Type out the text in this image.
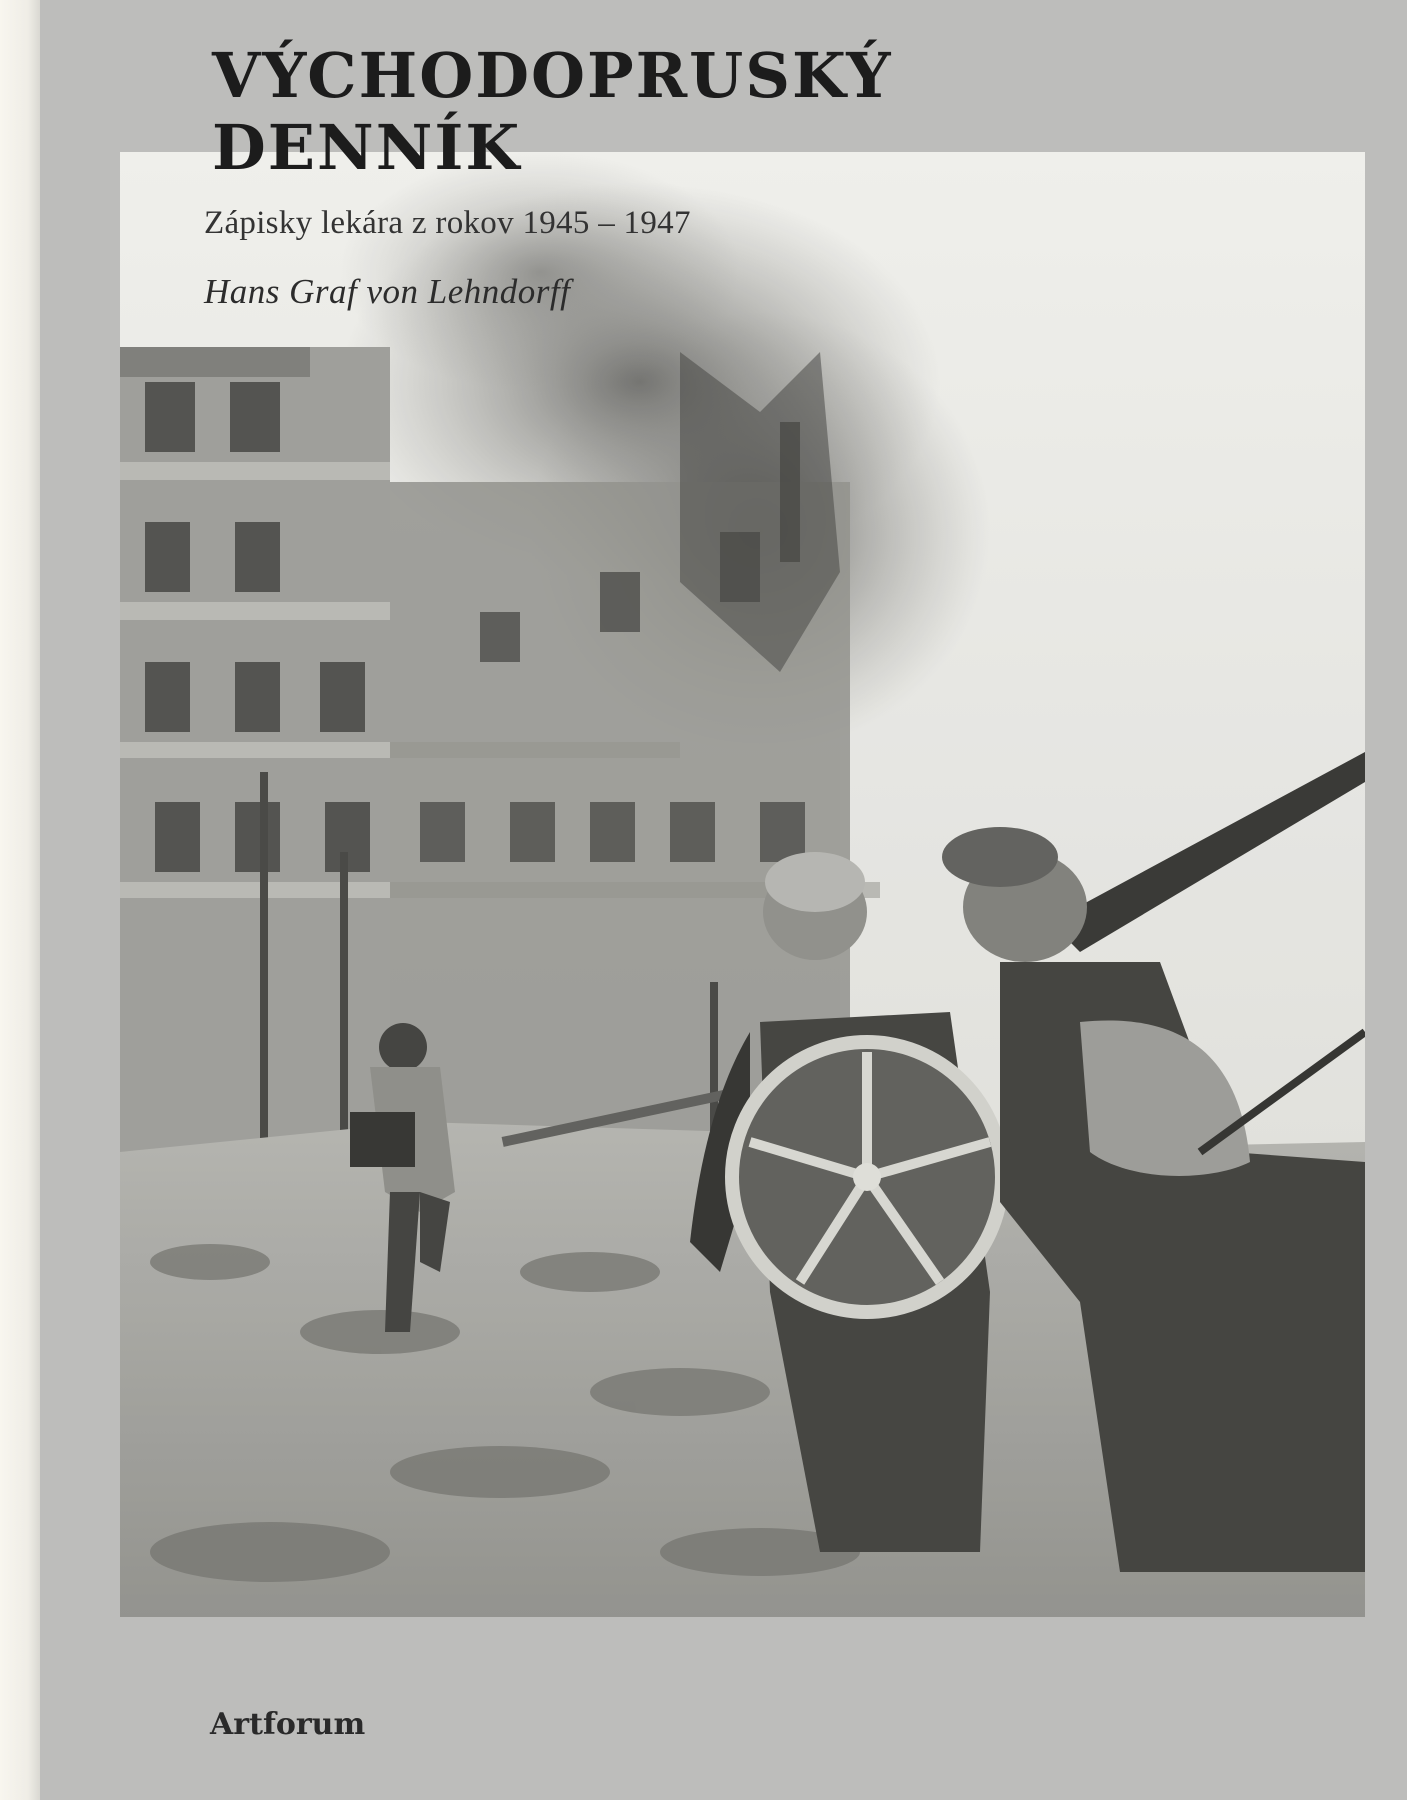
VÝCHODOPRUSKÝ
DENNÍK

Zápisky lekára z rokov 1945 – 1947

Hans Graf von Lehndorff

Artforum
